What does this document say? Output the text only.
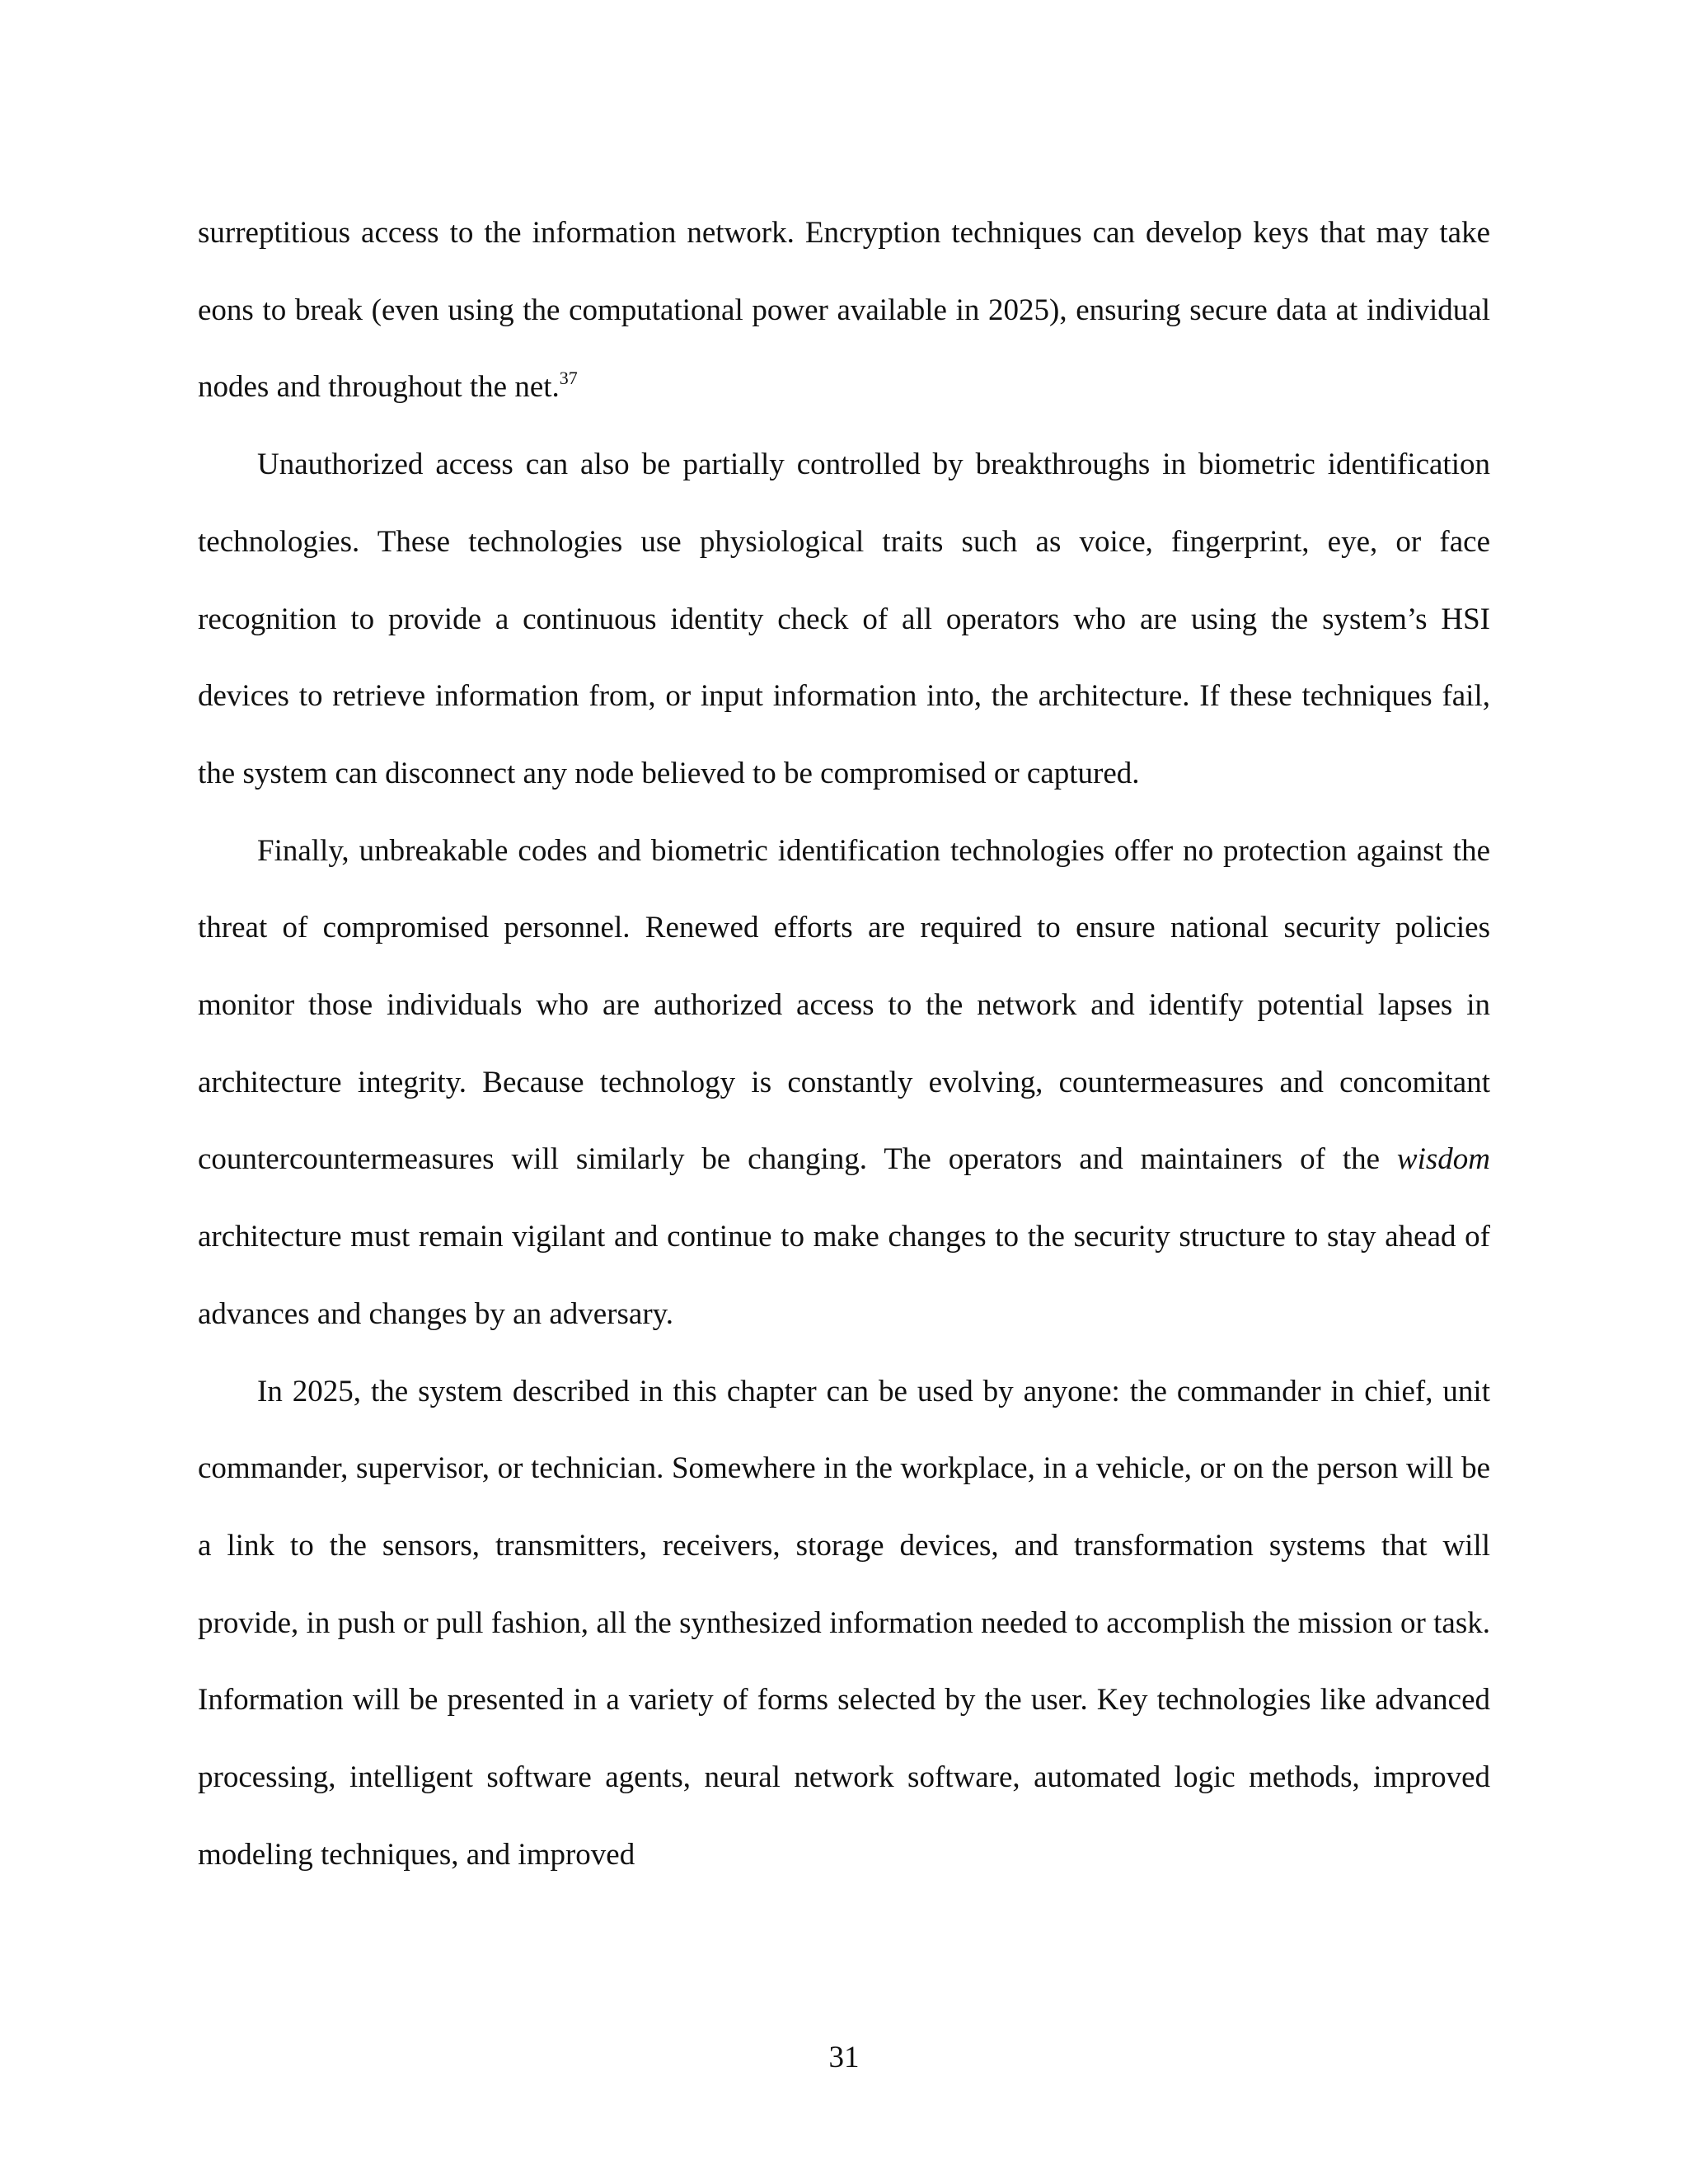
surreptitious access to the information network. Encryption techniques can develop keys that may take eons to break (even using the computational power available in 2025), ensuring secure data at individual nodes and throughout the net.$^{37}$

Unauthorized access can also be partially controlled by breakthroughs in biometric identification technologies. These technologies use physiological traits such as voice, fingerprint, eye, or face recognition to provide a continuous identity check of all operators who are using the system’s HSI devices to retrieve information from, or input information into, the architecture. If these techniques fail, the system can disconnect any node believed to be compromised or captured.

Finally, unbreakable codes and biometric identification technologies offer no protection against the threat of compromised personnel. Renewed efforts are required to ensure national security policies monitor those individuals who are authorized access to the network and identify potential lapses in architecture integrity. Because technology is constantly evolving, countermeasures and concomitant countercountermeasures will similarly be changing. The operators and maintainers of the wisdom architecture must remain vigilant and continue to make changes to the security structure to stay ahead of advances and changes by an adversary.

In 2025, the system described in this chapter can be used by anyone: the commander in chief, unit commander, supervisor, or technician. Somewhere in the workplace, in a vehicle, or on the person will be a link to the sensors, transmitters, receivers, storage devices, and transformation systems that will provide, in push or pull fashion, all the synthesized information needed to accomplish the mission or task. Information will be presented in a variety of forms selected by the user. Key technologies like advanced processing, intelligent software agents, neural network software, automated logic methods, improved modeling techniques, and improved

31
